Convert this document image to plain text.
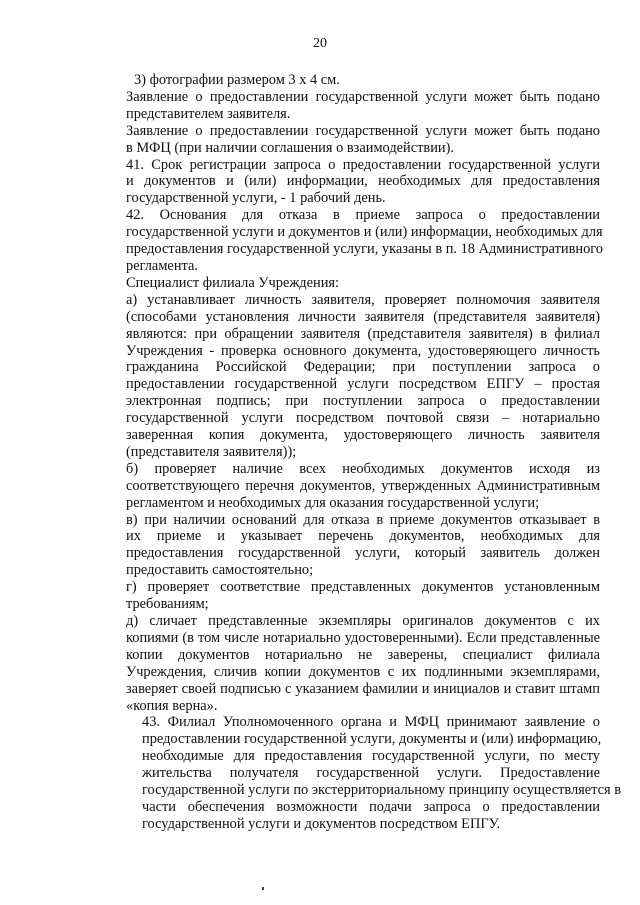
20
3) фотографии размером 3 х 4 см.
Заявление о предоставлении государственной услуги может быть подано
представителем заявителя.
Заявление о предоставлении государственной услуги может быть подано
в МФЦ (при наличии соглашения о взаимодействии).
41. Срок регистрации запроса о предоставлении государственной услуги
и документов и (или) информации, необходимых для предоставления
государственной услуги, - 1 рабочий день.
42. Основания для отказа в приеме запроса о предоставлении
государственной услуги и документов и (или) информации, необходимых для
предоставления государственной услуги, указаны в п. 18 Административного
регламента.
Специалист филиала Учреждения:
а) устанавливает личность заявителя, проверяет полномочия заявителя
(способами установления личности заявителя (представителя заявителя)
являются: при обращении заявителя (представителя заявителя) в филиал
Учреждения - проверка основного документа, удостоверяющего личность
гражданина Российской Федерации; при поступлении запроса о
предоставлении государственной услуги посредством ЕПГУ – простая
электронная подпись; при поступлении запроса о предоставлении
государственной услуги посредством почтовой связи – нотариально
заверенная копия документа, удостоверяющего личность заявителя
(представителя заявителя));
б) проверяет наличие всех необходимых документов исходя из
соответствующего перечня документов, утвержденных Административным
регламентом и необходимых для оказания государственной услуги;
в) при наличии оснований для отказа в приеме документов отказывает в
их приеме и указывает перечень документов, необходимых для
предоставления государственной услуги, который заявитель должен
предоставить самостоятельно;
г) проверяет соответствие представленных документов установленным
требованиям;
д) сличает представленные экземпляры оригиналов документов с их
копиями (в том числе нотариально удостоверенными). Если представленные
копии документов нотариально не заверены, специалист филиала
Учреждения, сличив копии документов с их подлинными экземплярами,
заверяет своей подписью с указанием фамилии и инициалов и ставит штамп
«копия верна».
43. Филиал Уполномоченного органа и МФЦ принимают заявление о
предоставлении государственной услуги, документы и (или) информацию,
необходимые для предоставления государственной услуги, по месту
жительства получателя государственной услуги. Предоставление
государственной услуги по экстерриториальному принципу осуществляется в
части обеспечения возможности подачи запроса о предоставлении
государственной услуги и документов посредством ЕПГУ.
